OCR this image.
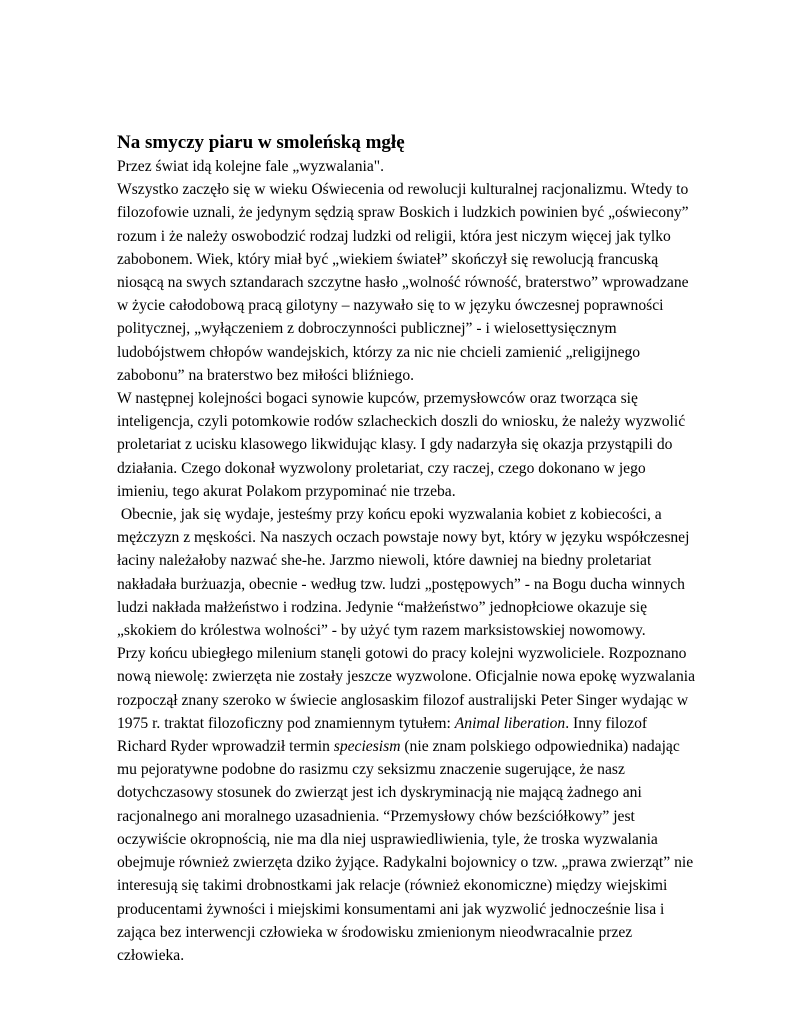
Na smyczy piaru w smoleńską mgłę
Przez świat idą kolejne fale „wyzwalania".
Wszystko zaczęło się w wieku Oświecenia od rewolucji kulturalnej racjonalizmu. Wtedy to
filozofowie uznali, że jedynym sędzią spraw Boskich i ludzkich powinien być „oświecony”
rozum i że należy oswobodzić rodzaj ludzki od religii, która jest niczym więcej jak tylko
zabobonem. Wiek, który miał być „wiekiem świateł” skończył się rewolucją francuską
niosącą na swych sztandarach szczytne hasło „wolność równość, braterstwo” wprowadzane
w życie całodobową pracą gilotyny – nazywało się to w języku ówczesnej poprawności
politycznej, „wyłączeniem z dobroczynności publicznej” - i wielosettysięcznym
ludobójstwem chłopów wandejskich, którzy za nic nie chcieli zamienić „religijnego
zabobonu” na braterstwo bez miłości bliźniego.
W następnej kolejności bogaci synowie kupców, przemysłowców oraz tworząca się
inteligencja, czyli potomkowie rodów szlacheckich doszli do wniosku, że należy wyzwolić
proletariat z ucisku klasowego likwidując klasy. I gdy nadarzyła się okazja przystąpili do
działania. Czego dokonał wyzwolony proletariat, czy raczej, czego dokonano w jego
imieniu, tego akurat Polakom przypominać nie trzeba.
Obecnie, jak się wydaje, jesteśmy przy końcu epoki wyzwalania kobiet z kobiecości, a
mężczyzn z męskości. Na naszych oczach powstaje nowy byt, który w języku współczesnej
łaciny należałoby nazwać she-he. Jarzmo niewoli, które dawniej na biedny proletariat
nakładała burżuazja, obecnie - według tzw. ludzi „postępowych” - na Bogu ducha winnych
ludzi nakłada małżeństwo i rodzina. Jedynie “małżeństwo” jednopłciowe okazuje się
„skokiem do królestwa wolności” - by użyć tym razem marksistowskiej nowomowy.
Przy końcu ubiegłego milenium stanęli gotowi do pracy kolejni wyzwoliciele. Rozpoznano
nową niewolę: zwierzęta nie zostały jeszcze wyzwolone. Oficjalnie nowa epokę wyzwalania
rozpoczął znany szeroko w świecie anglosaskim filozof australijski Peter Singer wydając w
1975 r. traktat filozoficzny pod znamiennym tytułem: Animal liberation. Inny filozof
Richard Ryder wprowadził termin speciesism (nie znam polskiego odpowiednika) nadając
mu pejoratywne podobne do rasizmu czy seksizmu znaczenie sugerujące, że nasz
dotychczasowy stosunek do zwierząt jest ich dyskryminacją nie mającą żadnego ani
racjonalnego ani moralnego uzasadnienia. “Przemysłowy chów bezściółkowy” jest
oczywiście okropnością, nie ma dla niej usprawiedliwienia, tyle, że troska wyzwalania
obejmuje również zwierzęta dziko żyjące. Radykalni bojownicy o tzw. „prawa zwierząt” nie
interesują się takimi drobnostkami jak relacje (również ekonomiczne) między wiejskimi
producentami żywności i miejskimi konsumentami ani jak wyzwolić jednocześnie lisa i
zająca bez interwencji człowieka w środowisku zmienionym nieodwracalnie przez
człowieka.
